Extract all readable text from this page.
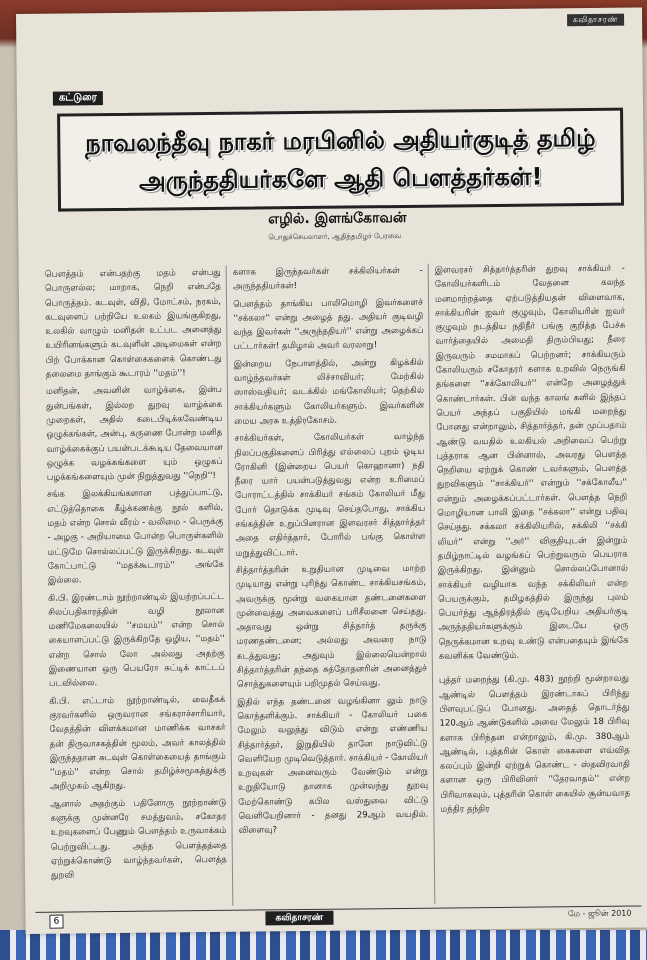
கவிதாசரண்
கட்டுரை
நாவலந்தீவு நாகர் மரபினில் அதியர்குடித் தமிழ் அருந்ததியர்களே ஆதி பௌத்தர்கள்!
எழில். இளங்கோவன்
பொதுச்செயலாளர், ஆதித்தமிழர் பேரவை

பௌத்தம் என்பதற்கு மதம் என்பது பொருளல்ல; மாறாக, நெறி என்பதே பொருத்தம். கடவுள், விதி, மோட்சம், நரகம், கடவுளைப் பற்றியே உலகம் இயங்குகிறது, உலகில் வாழும் மனிதன் உட்பட அனைத்து உயிரினங்களும் கடவுளின் அடிமைகள் என்ற பிற் போக்கான கொள்கைகளைக் கொண்டது தலைமை தாங்கும் கூடாரம் ''மதம்''!

மனிதன், அவனின் வாழ்க்கை, இன்ப துன்பங்கள், இல்லற துறவு வாழ்க்கை முறைகள், அதில் கடைபிடிக்கவேண்டிய ஒழுக்கங்கள், அன்பு, கருணை போன்ற மனித வாழ்க்கைக்குப் பயன்படக்கூடிய தேவையான ஒழுக்க வழக்கங்களை யும் ஒழுகப் பழக்கங்களையும் முன் நிறுத்துவது ''நெறி''!

சங்க இலக்கியங்களான பத்துப்பாட்டு, எட்டுத்தொகை கீழ்க்கணக்கு நூல் களில், மதம் என்ற சொல் வீரம் - வலிமை - பெருக்கு - அழகு - அறியாமை போன்ற பொருள்களில் மட்டுமே சொல்லப்பட்டு இருக்கிறது. கடவுள் கோட்பாட்டு ''மதக்கூடாரம்'' அங்கே இல்லை.

கி.பி. இரண்டாம் நூற்றாண்டில் இயற்றப்பட்ட சிலப்பதிகாரத்தின் வழி நூலான மணிமேகலையில் ''சமயம்'' என்ற சொல் கையாளப்பட்டு இருக்கிறதே ஒழிய, ''மதம்'' என்ற சொல் லோ அல்லது அதற்கு இணையான ஒரு பெயரோ சுட்டிக் காட்டப் படவில்லை.

கி.பி. எட்டாம் நூற்றாண்டில், வைதீகக் குரவர்களில் ஒருவரான சங்கராச்சாரியார், வேதத்தின் விளக்கமான மாணிக்க வாசகர் தன் திருவாசகத்தின் மூலம், அவர் காலத்தில் இருந்ததான சுடவுள் கொள்கையைத் தாங்கும் ''மதம்'' என்ற சொல் தமிழ்ச்சமூகத்துக்கு அறிமுகம் ஆகிறது.

ஆனால் அதற்கும் பதினோரு நூற்றாண்டு களுக்கு முன்னரே சமத்துவம், சகோதர உறவுகளைப் பேணும் பௌத்தம் உருவாக்கம் பெற்றுவிட்டது. அந்த பௌத்தத்தை ஏற்றுக்கொண்டு வாழ்ந்தவர்கள், பௌத்த துறவி

களாக இருந்தவர்கள் சக்கிலியர்கள் - அருந்ததியர்கள்!

பௌத்தம் தாங்கிய பாலிமொழி இவர்களைச் ''சக்கலா'' என்று அழைத் தது. அதியர் குடிவழி வந்த இவர்கள் ''அருந்ததியர்'' என்று அழைக்கப் பட்டார்கள்! தமிழால் அவர் வரலாறு!

இன்றைய நேபாளத்தில், அன்று கிழக்கில் வாழ்ந்தவர்கள் லிச்சாவியர்; மேற்கில் ஸாஸ்வதியர்; வடக்கில் மங்கோலியர்; தெற்கில் சாக்கியர்களும் கோலியர்களும். இவர்களின் மைய அரசு உத்திரகோசம்.

சாக்கியர்கள், கோலியர்கள் வாழ்ந்த நிலப்பகுதிகளைப் பிரித்து எல்லைப் புறம் ஓடிய ரோகினி (இன்றைய பெயர் கொஹானா) நதி நீரை யார் பயன்படுத்துவது என்ற உரிமைப் போராட்டத்தில் சாக்கியர் சங்கம் கோலியர் மீது போர் தொடுக்க முடிவு செய்தபோது, சாக்கிய சங்கத்தின் உறுப்பினரான இளவரசர் சித்தார்த்தர் அதை எதிர்த்தார், போரில் பங்கு கொள்ள மறுத்துவிட்டார்.

சித்தார்த்தரின் உறுதியான முடிவை மாற்ற முடியாது என்று புரிந்து கொண்ட சாக்கியசங்கம், அவருக்கு மூன்று வகையான தண்டனைகளை முன்வைத்து அவைகளைப் பரிசீலனை செய்தது. அதாவது ஒன்று சித்தார்த் தருக்கு மரணதண்டனை; அல்லது அவரை நாடு கடத்துவது; அதுவும் இல்லையென்றால் சித்தார்த்தரின் தந்தை சுத்தோதனரின் அனைத்துச் சொத்துகளையும் பறிமுதல் செய்வது.

இதில் எந்த தண்டனை வழங்கினா லும் நாடு கொந்தளிக்கும். சாக்கியர் - கோலியர் பகை மேலும் வலுத்து விடும் என்று எண்ணிய சித்தார்த்தர், இறுதியில் தானே நாடுவிட்டு வெளியேற முடிவெடுத்தார். சாக்கியர் - கோலியர் உறவுகள் அனைவரும் வேண்டும் என்று உறுதியோடு தானாக முன்வந்து துறவு மேற்கொண்டு கபில வஸ்துவை விட்டு வெளியேறினார் - தனது 29ஆம் வயதில். விளைவு?

இளவரசர் சித்தார்த்தரின் துறவு சாக்கியர் - கோலியர்களிடம் வேதனை கலந்த மனமாற்றத்தை ஏற்படுத்தியதன் விளைவாக, சாக்கியரின் ஐவர் குழுவும், கோலியரின் ஐவர் குழுவும் நடத்திய நதிநீர் பங்கு குறித்த பேச்சு வார்த்தையில் அமைதி திரும்பியது; நீரை இருவரும் சமமாகப் பெற்றனர்; சாக்கியரும் கோலியரும் சகோதரர் களாக உறவில் நெருங்கி தங்களை ''சக்கோலியர்'' என்றே அழைத்துக் கொண்டார்கள். பின் வந்த காலங் களில் இந்தப் பெயர் அந்தப் பகுதியில் மங்கி மறைந்து போனது என்றாலும், சித்தார்த்தர், தன் முப்பதாம் ஆண்டு வயதில் உலகியல் அறிவைப் பெற்று புத்தராக ஆன பின்னால், அவரது பௌத்த நெறியை ஏற்றுக் கொண் டவர்களும், பௌத்த துறவிகளும் ''சாக்கியர்'' என்றும் ''சக்கோலீய'' என்றும் அழைக்கப்பட்டார்கள். பௌத்த நெறி மொழியான பாலி இதை ''சக்கலா'' என்று பதிவு செய்தது. சக்கலா சக்கிலியரில், சக்கிலி ''சக்கி லியர்'' என்று ''அர்'' விகுதியுடன் இன்றும் தமிழ்நாட்டில் வழங்கப் பெற்றுவரும் பெயராக இருக்கிறது. இன்னும் சொல்லப்போனால் சாக்கியர் வழியாக வந்த சக்கிலியர் என்ற பெயருக்கும், தமிழகத்தில் இருந்து புலம் பெயர்ந்து ஆந்திரத்தில் குடியேறிய அதியர்குடி அருந்ததியர்களுக்கும் இடையே ஒரு நெருக்கமான உறவு உண்டு என்பதையும் இங்கே கவனிக்க வேண்டும்.

புத்தர் மறைந்து (கி.மு. 483) நூற்றி மூன்றாவது ஆண்டில் பௌத்தம் இரண்டாகப் பிரிந்து பிளவுபட்டுப் போனது. அதைத் தொடர்ந்து 120ஆம் ஆண்டுகளில் அவை மேலும் 18 பிரிவு களாக பிரிந்தன என்றாலும், கி.மு. 380ஆம் ஆண்டில், புத்தரின் கொள் கைகளை எவ்வித கலப்பும் இன்றி ஏற்றுக் கொண்ட - ஸ்தவிரவாதி களான ஒரு பிரிவினர் ''தேரவாதம்'' என்ற பிரிவாகவும், புத்தரின் கொள் கையில் சூன்யவாத மந்திர தந்திர

6	கவிதாசரண்	மே - ஜூன் 2010
